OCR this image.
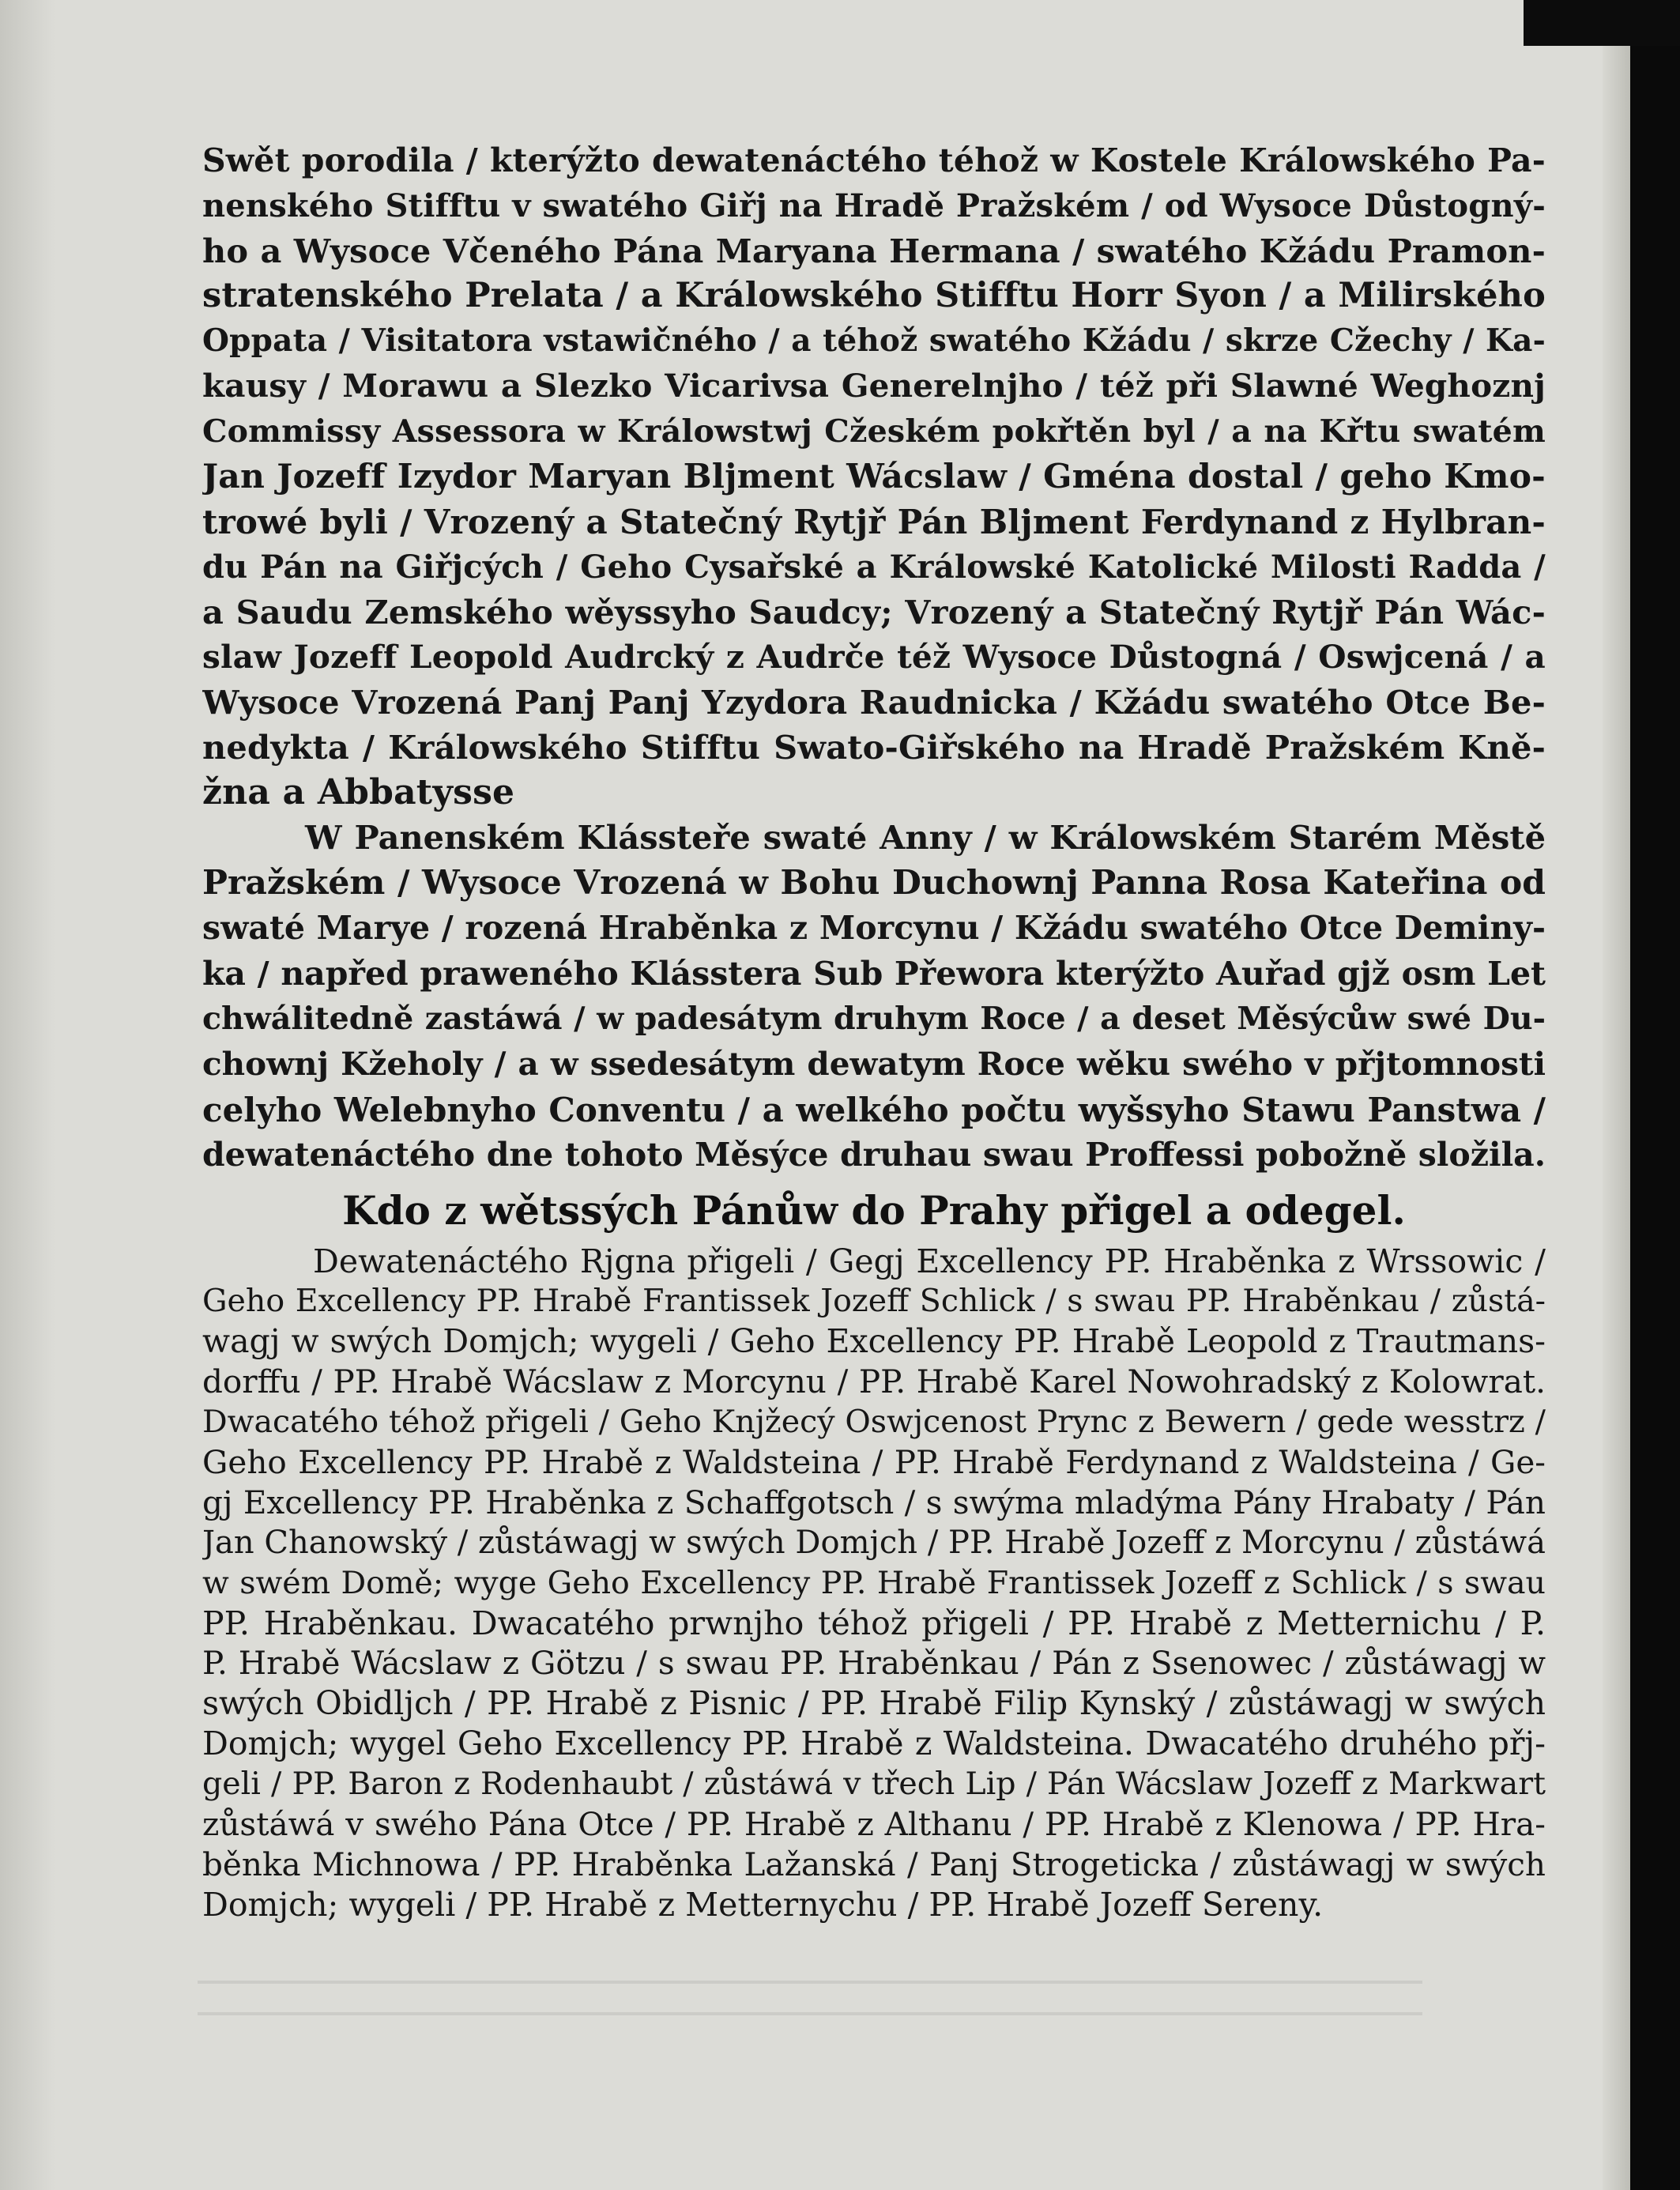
Swět porodila / kterýžto dewatenáctého téhož w Kostele Králowského Pa-
nenského Stifftu v swatého Giřj na Hradě Pražském / od Wysoce Důstogný-
ho a Wysoce Včeného Pána Maryana Hermana / swatého Kžádu Pramon-
stratenského Prelata / a Králowského Stifftu Horr Syon / a Milirského
Oppata / Visitatora vstawičného / a téhož swatého Kžádu / skrze Cžechy / Ka-
kausy / Morawu a Slezko Vicarivsa Generelnjho / též při Slawné Weghoznj
Commissy Assessora w Králowstwj Cžeském pokřtěn byl / a na Křtu swatém
Jan Jozeff Izydor Maryan Bljment Wácslaw / Gména dostal / geho Kmo-
trowé byli / Vrozený a Statečný Rytjř Pán Bljment Ferdynand z Hylbran-
du Pán na Giřjcých / Geho Cysařské a Králowské Katolické Milosti Radda /
a Saudu Zemského wěyssyho Saudcy; Vrozený a Statečný Rytjř Pán Wác-
slaw Jozeff Leopold Audrcký z Audrče též Wysoce Důstogná / Oswjcená / a
Wysoce Vrozená Panj Panj Yzydora Raudnicka / Kžádu swatého Otce Be-
nedykta / Králowského Stifftu Swato-Giřského na Hradě Pražském Kně-
žna a Abbatysse
W Panenském Klássteře swaté Anny / w Králowském Starém Městě
Pražském / Wysoce Vrozená w Bohu Duchownj Panna Rosa Kateřina od
swaté Marye / rozená Hraběnka z Morcynu / Kžádu swatého Otce Deminy-
ka / napřed praweného Klásstera Sub Přewora kterýžto Auřad gjž osm Let
chwálitedně zastáwá / w padesátym druhym Roce / a deset Měsýcůw swé Du-
chownj Kžeholy / a w ssedesátym dewatym Roce wěku swého v přjtomnosti
celyho Welebnyho Conventu / a welkého počtu wyšsyho Stawu Panstwa /
dewatenáctého dne tohoto Měsýce druhau swau Proffessi pobožně složila.
Kdo z wětssých Pánůw do Prahy přigel a odegel.
Dewatenáctého Rjgna přigeli / Gegj Excellency PP. Hraběnka z Wrssowic /
Geho Excellency PP. Hrabě Frantissek Jozeff Schlick / s swau PP. Hraběnkau / zůstá-
wagj w swých Domjch; wygeli / Geho Excellency PP. Hrabě Leopold z Trautmans-
dorffu / PP. Hrabě Wácslaw z Morcynu / PP. Hrabě Karel Nowohradský z Kolowrat.
Dwacatého téhož přigeli / Geho Knjžecý Oswjcenost Prync z Bewern / gede wesstrz /
Geho Excellency PP. Hrabě z Waldsteina / PP. Hrabě Ferdynand z Waldsteina / Ge-
gj Excellency PP. Hraběnka z Schaffgotsch / s swýma mladýma Pány Hrabaty / Pán
Jan Chanowský / zůstáwagj w swých Domjch / PP. Hrabě Jozeff z Morcynu / zůstáwá
w swém Domě; wyge Geho Excellency PP. Hrabě Frantissek Jozeff z Schlick / s swau
PP. Hraběnkau. Dwacatého prwnjho téhož přigeli / PP. Hrabě z Metternichu / P.
P. Hrabě Wácslaw z Götzu / s swau PP. Hraběnkau / Pán z Ssenowec / zůstáwagj w
swých Obidljch / PP. Hrabě z Pisnic / PP. Hrabě Filip Kynský / zůstáwagj w swých
Domjch; wygel Geho Excellency PP. Hrabě z Waldsteina. Dwacatého druhého přj-
geli / PP. Baron z Rodenhaubt / zůstáwá v třech Lip / Pán Wácslaw Jozeff z Markwart
zůstáwá v swého Pána Otce / PP. Hrabě z Althanu / PP. Hrabě z Klenowa / PP. Hra-
běnka Michnowa / PP. Hraběnka Lažanská / Panj Strogeticka / zůstáwagj w swých
Domjch; wygeli / PP. Hrabě z Metternychu / PP. Hrabě Jozeff Sereny.
